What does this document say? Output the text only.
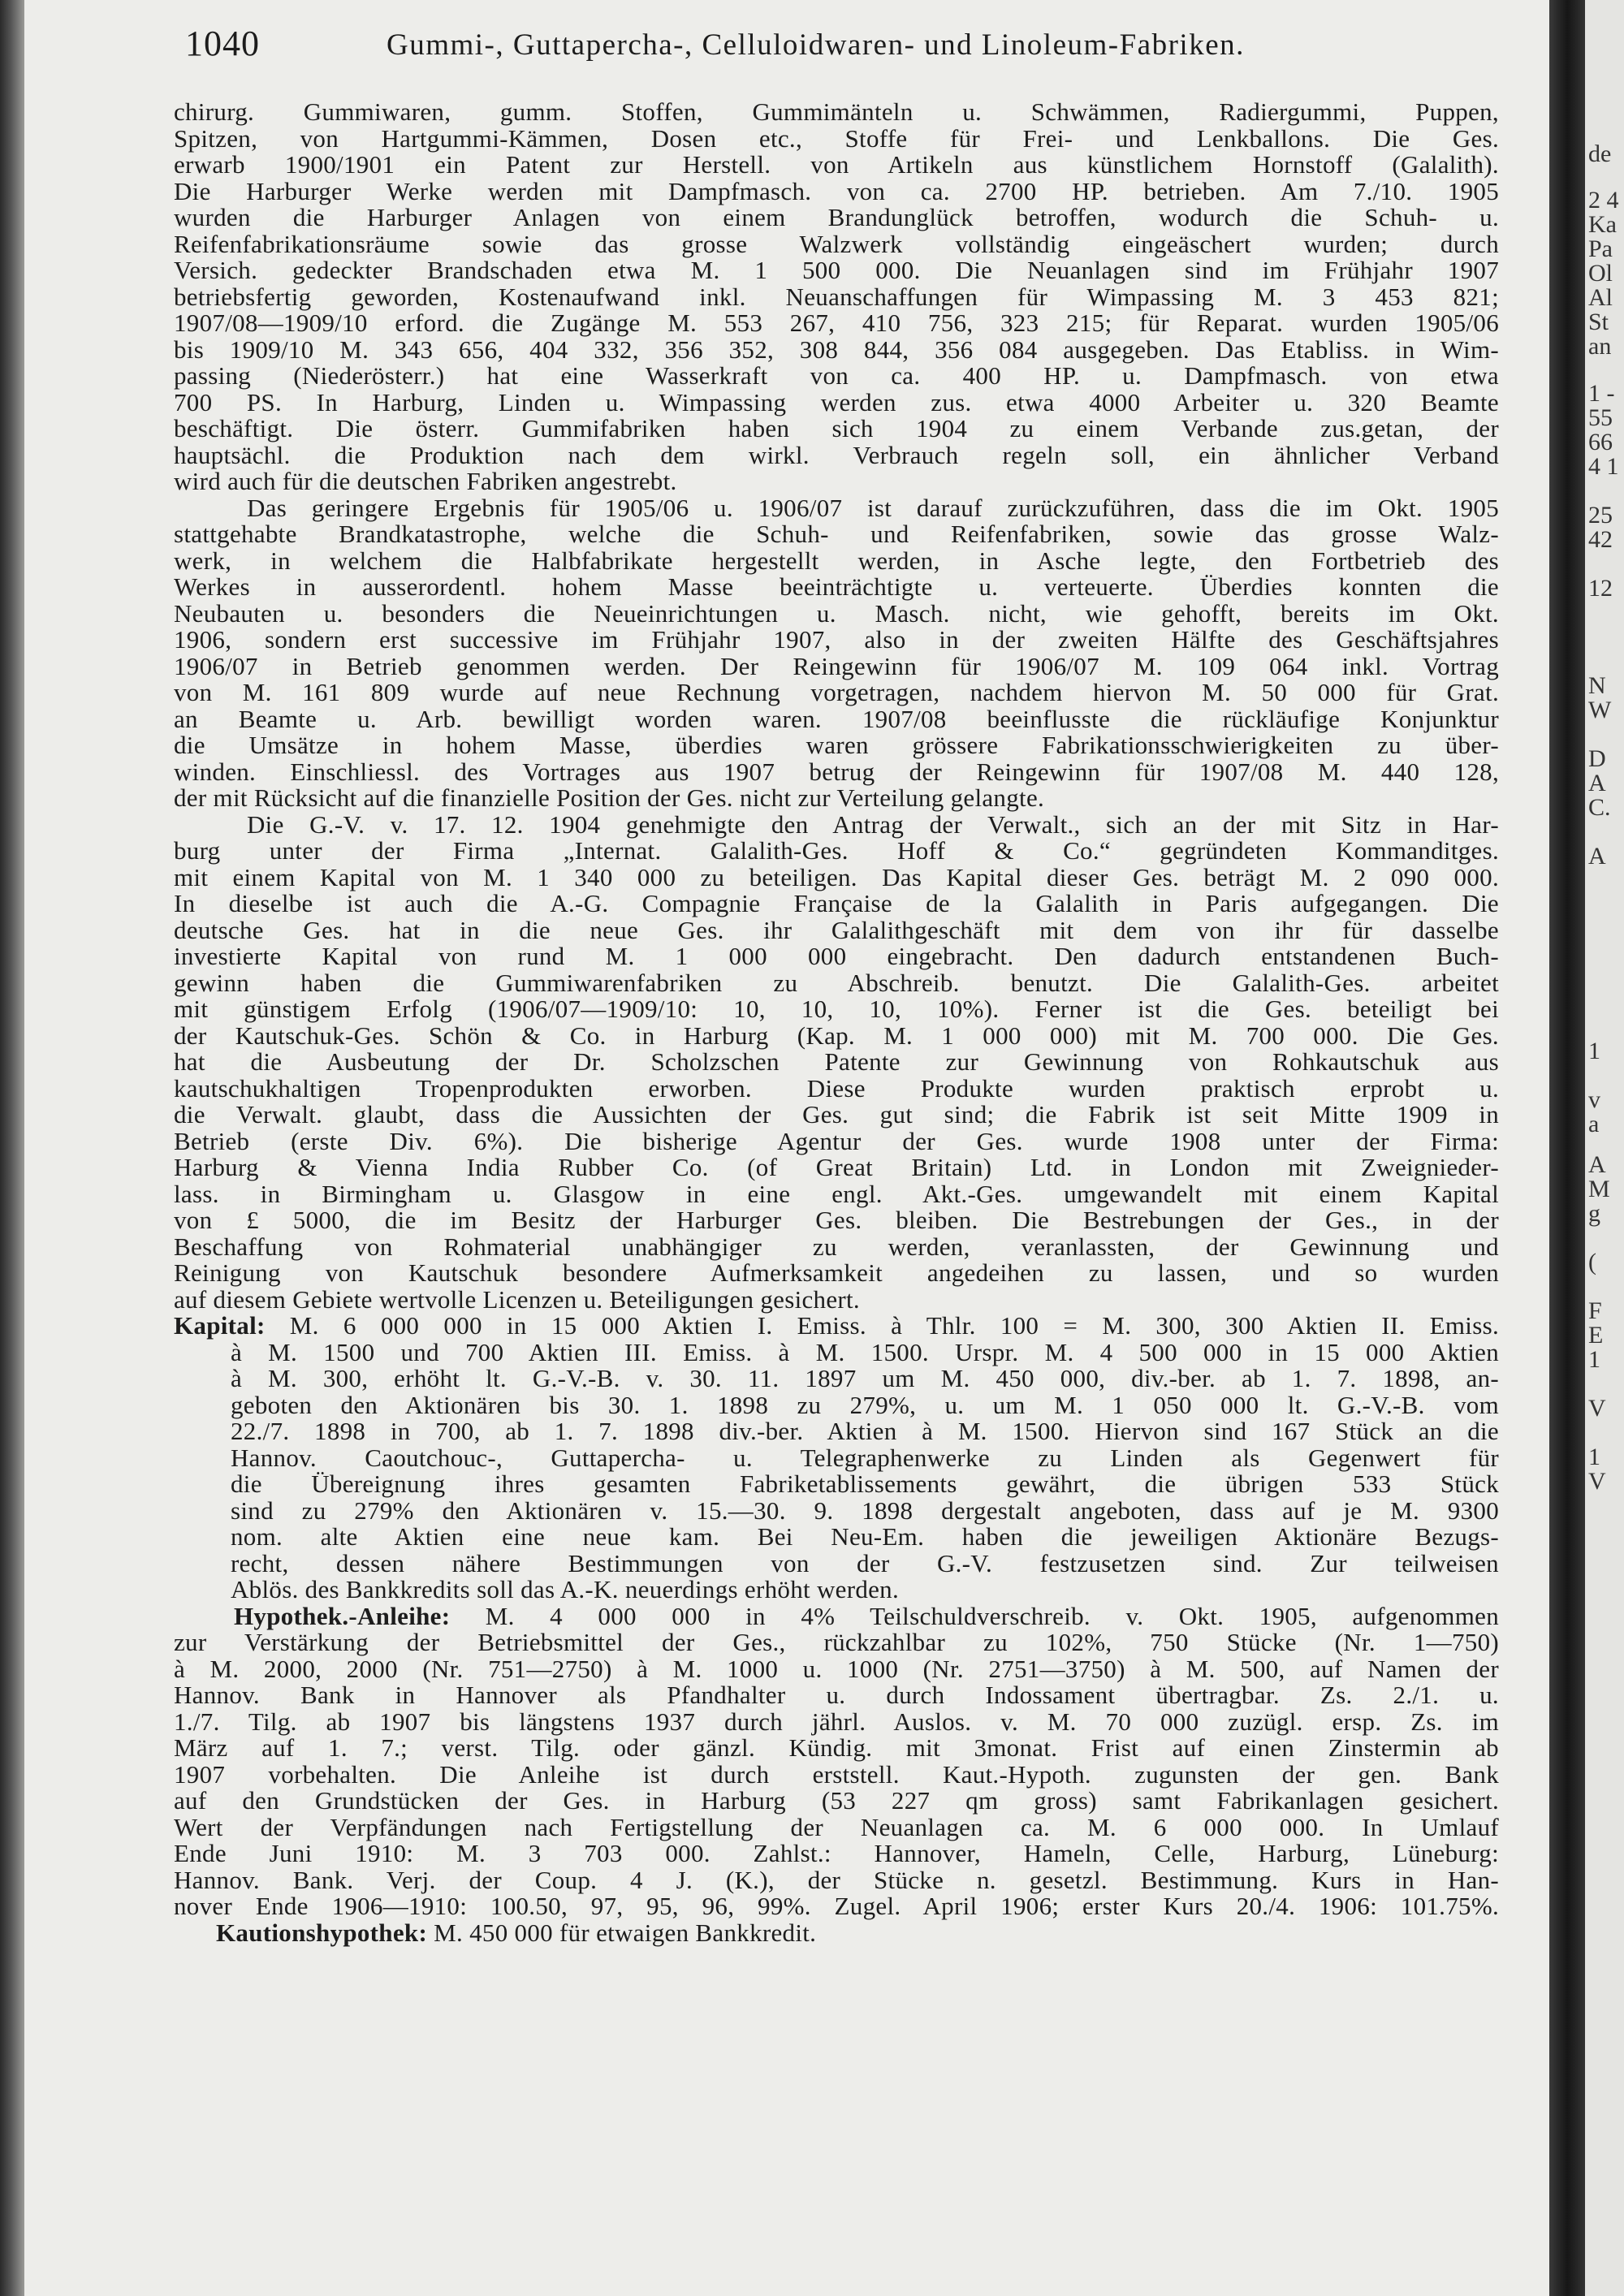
1040	Gummi-, Guttapercha-, Celluloidwaren- und Linoleum-Fabriken.
chirurg. Gummiwaren, gumm. Stoffen, Gummimänteln u. Schwämmen, Radiergummi, Puppen,
Spitzen, von Hartgummi-Kämmen, Dosen etc., Stoffe für Frei- und Lenkballons. Die Ges.
erwarb 1900/1901 ein Patent zur Herstell. von Artikeln aus künstlichem Hornstoff (Galalith).
Die Harburger Werke werden mit Dampfmasch. von ca. 2700 HP. betrieben. Am 7./10. 1905
wurden die Harburger Anlagen von einem Brandunglück betroffen, wodurch die Schuh- u.
Reifenfabrikationsräume sowie das grosse Walzwerk vollständig eingeäschert wurden; durch
Versich. gedeckter Brandschaden etwa M. 1 500 000. Die Neuanlagen sind im Frühjahr 1907
betriebsfertig geworden, Kostenaufwand inkl. Neuanschaffungen für Wimpassing M. 3 453 821;
1907/08—1909/10 erford. die Zugänge M. 553 267, 410 756, 323 215; für Reparat. wurden 1905/06
bis 1909/10 M. 343 656, 404 332, 356 352, 308 844, 356 084 ausgegeben. Das Etabliss. in Wim-
passing (Niederösterr.) hat eine Wasserkraft von ca. 400 HP. u. Dampfmasch. von etwa
700 PS. In Harburg, Linden u. Wimpassing werden zus. etwa 4000 Arbeiter u. 320 Beamte
beschäftigt. Die österr. Gummifabriken haben sich 1904 zu einem Verbande zus.getan, der
hauptsächl. die Produktion nach dem wirkl. Verbrauch regeln soll, ein ähnlicher Verband
wird auch für die deutschen Fabriken angestrebt.
Das geringere Ergebnis für 1905/06 u. 1906/07 ist darauf zurückzuführen, dass die im Okt. 1905
stattgehabte Brandkatastrophe, welche die Schuh- und Reifenfabriken, sowie das grosse Walz-
werk, in welchem die Halbfabrikate hergestellt werden, in Asche legte, den Fortbetrieb des
Werkes in ausserordentl. hohem Masse beeinträchtigte u. verteuerte. Überdies konnten die
Neubauten u. besonders die Neueinrichtungen u. Masch. nicht, wie gehofft, bereits im Okt.
1906, sondern erst successive im Frühjahr 1907, also in der zweiten Hälfte des Geschäftsjahres
1906/07 in Betrieb genommen werden. Der Reingewinn für 1906/07 M. 109 064 inkl. Vortrag
von M. 161 809 wurde auf neue Rechnung vorgetragen, nachdem hiervon M. 50 000 für Grat.
an Beamte u. Arb. bewilligt worden waren. 1907/08 beeinflusste die rückläufige Konjunktur
die Umsätze in hohem Masse, überdies waren grössere Fabrikationsschwierigkeiten zu über-
winden. Einschliessl. des Vortrages aus 1907 betrug der Reingewinn für 1907/08 M. 440 128,
der mit Rücksicht auf die finanzielle Position der Ges. nicht zur Verteilung gelangte.
Die G.-V. v. 17. 12. 1904 genehmigte den Antrag der Verwalt., sich an der mit Sitz in Har-
burg unter der Firma „Internat. Galalith-Ges. Hoff & Co.“ gegründeten Kommanditges.
mit einem Kapital von M. 1 340 000 zu beteiligen. Das Kapital dieser Ges. beträgt M. 2 090 000.
In dieselbe ist auch die A.-G. Compagnie Française de la Galalith in Paris aufgegangen. Die
deutsche Ges. hat in die neue Ges. ihr Galalithgeschäft mit dem von ihr für dasselbe
investierte Kapital von rund M. 1 000 000 eingebracht. Den dadurch entstandenen Buch-
gewinn haben die Gummiwarenfabriken zu Abschreib. benutzt. Die Galalith-Ges. arbeitet
mit günstigem Erfolg (1906/07—1909/10: 10, 10, 10, 10%). Ferner ist die Ges. beteiligt bei
der Kautschuk-Ges. Schön & Co. in Harburg (Kap. M. 1 000 000) mit M. 700 000. Die Ges.
hat die Ausbeutung der Dr. Scholzschen Patente zur Gewinnung von Rohkautschuk aus
kautschukhaltigen Tropenprodukten erworben. Diese Produkte wurden praktisch erprobt u.
die Verwalt. glaubt, dass die Aussichten der Ges. gut sind; die Fabrik ist seit Mitte 1909 in
Betrieb (erste Div. 6%). Die bisherige Agentur der Ges. wurde 1908 unter der Firma:
Harburg & Vienna India Rubber Co. (of Great Britain) Ltd. in London mit Zweignieder-
lass. in Birmingham u. Glasgow in eine engl. Akt.-Ges. umgewandelt mit einem Kapital
von £ 5000, die im Besitz der Harburger Ges. bleiben. Die Bestrebungen der Ges., in der
Beschaffung von Rohmaterial unabhängiger zu werden, veranlassten, der Gewinnung und
Reinigung von Kautschuk besondere Aufmerksamkeit angedeihen zu lassen, und so wurden
auf diesem Gebiete wertvolle Licenzen u. Beteiligungen gesichert.
Kapital: M. 6 000 000 in 15 000 Aktien I. Emiss. à Thlr. 100 = M. 300, 300 Aktien II. Emiss.
à M. 1500 und 700 Aktien III. Emiss. à M. 1500. Urspr. M. 4 500 000 in 15 000 Aktien
à M. 300, erhöht lt. G.-V.-B. v. 30. 11. 1897 um M. 450 000, div.-ber. ab 1. 7. 1898, an-
geboten den Aktionären bis 30. 1. 1898 zu 279%, u. um M. 1 050 000 lt. G.-V.-B. vom
22./7. 1898 in 700, ab 1. 7. 1898 div.-ber. Aktien à M. 1500. Hiervon sind 167 Stück an die
Hannov. Caoutchouc-, Guttapercha- u. Telegraphenwerke zu Linden als Gegenwert für
die Übereignung ihres gesamten Fabriketablissements gewährt, die übrigen 533 Stück
sind zu 279% den Aktionären v. 15.—30. 9. 1898 dergestalt angeboten, dass auf je M. 9300
nom. alte Aktien eine neue kam. Bei Neu-Em. haben die jeweiligen Aktionäre Bezugs-
recht, dessen nähere Bestimmungen von der G.-V. festzusetzen sind. Zur teilweisen
Ablös. des Bankkredits soll das A.-K. neuerdings erhöht werden.
Hypothek.-Anleihe: M. 4 000 000 in 4% Teilschuldverschreib. v. Okt. 1905, aufgenommen
zur Verstärkung der Betriebsmittel der Ges., rückzahlbar zu 102%, 750 Stücke (Nr. 1—750)
à M. 2000, 2000 (Nr. 751—2750) à M. 1000 u. 1000 (Nr. 2751—3750) à M. 500, auf Namen der
Hannov. Bank in Hannover als Pfandhalter u. durch Indossament übertragbar. Zs. 2./1. u.
1./7. Tilg. ab 1907 bis längstens 1937 durch jährl. Auslos. v. M. 70 000 zuzügl. ersp. Zs. im
März auf 1. 7.; verst. Tilg. oder gänzl. Kündig. mit 3monat. Frist auf einen Zinstermin ab
1907 vorbehalten. Die Anleihe ist durch erststell. Kaut.-Hypoth. zugunsten der gen. Bank
auf den Grundstücken der Ges. in Harburg (53 227 qm gross) samt Fabrikanlagen gesichert.
Wert der Verpfändungen nach Fertigstellung der Neuanlagen ca. M. 6 000 000. In Umlauf
Ende Juni 1910: M. 3 703 000. Zahlst.: Hannover, Hameln, Celle, Harburg, Lüneburg:
Hannov. Bank. Verj. der Coup. 4 J. (K.), der Stücke n. gesetzl. Bestimmung. Kurs in Han-
nover Ende 1906—1910: 100.50, 97, 95, 96, 99%. Zugel. April 1906; erster Kurs 20./4. 1906: 101.75%.
Kautionshypothek: M. 450 000 für etwaigen Bankkredit.
de
2 4
Ka
Pa
Ol
Al
St
an
1 -
55
66
4 1
25
42
12
N
W
D
A
C.
A
1
v
a
A
M
g
(
F
E
1
V
1
V
